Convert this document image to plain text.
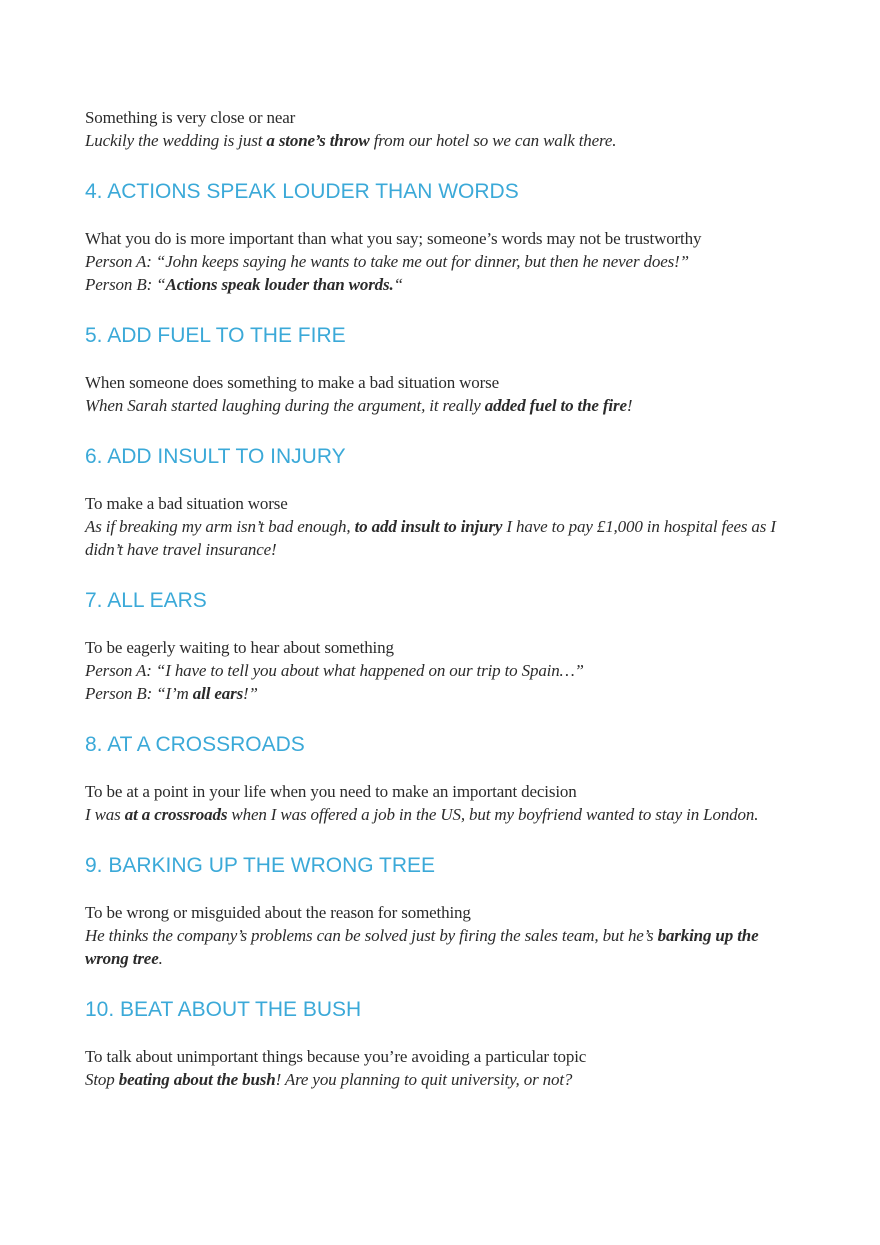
Something is very close or near

Luckily the wedding is just a stone’s throw from our hotel so we can walk there.

4. ACTIONS SPEAK LOUDER THAN WORDS

What you do is more important than what you say; someone’s words may not be trustworthy

Person A: “John keeps saying he wants to take me out for dinner, but then he never does!”

Person B: “Actions speak louder than words.“

5. ADD FUEL TO THE FIRE

When someone does something to make a bad situation worse

When Sarah started laughing during the argument, it really added fuel to the fire!

6. ADD INSULT TO INJURY

To make a bad situation worse

As if breaking my arm isn’t bad enough, to add insult to injury I have to pay £1,000 in hospital fees as I didn’t have travel insurance!

7. ALL EARS

To be eagerly waiting to hear about something

Person A: “I have to tell you about what happened on our trip to Spain…”

Person B: “I’m all ears!”

8. AT A CROSSROADS

To be at a point in your life when you need to make an important decision

I was at a crossroads when I was offered a job in the US, but my boyfriend wanted to stay in London.

9. BARKING UP THE WRONG TREE

To be wrong or misguided about the reason for something

He thinks the company’s problems can be solved just by firing the sales team, but he’s barking up the wrong tree.

10. BEAT ABOUT THE BUSH

To talk about unimportant things because you’re avoiding a particular topic

Stop beating about the bush! Are you planning to quit university, or not?
